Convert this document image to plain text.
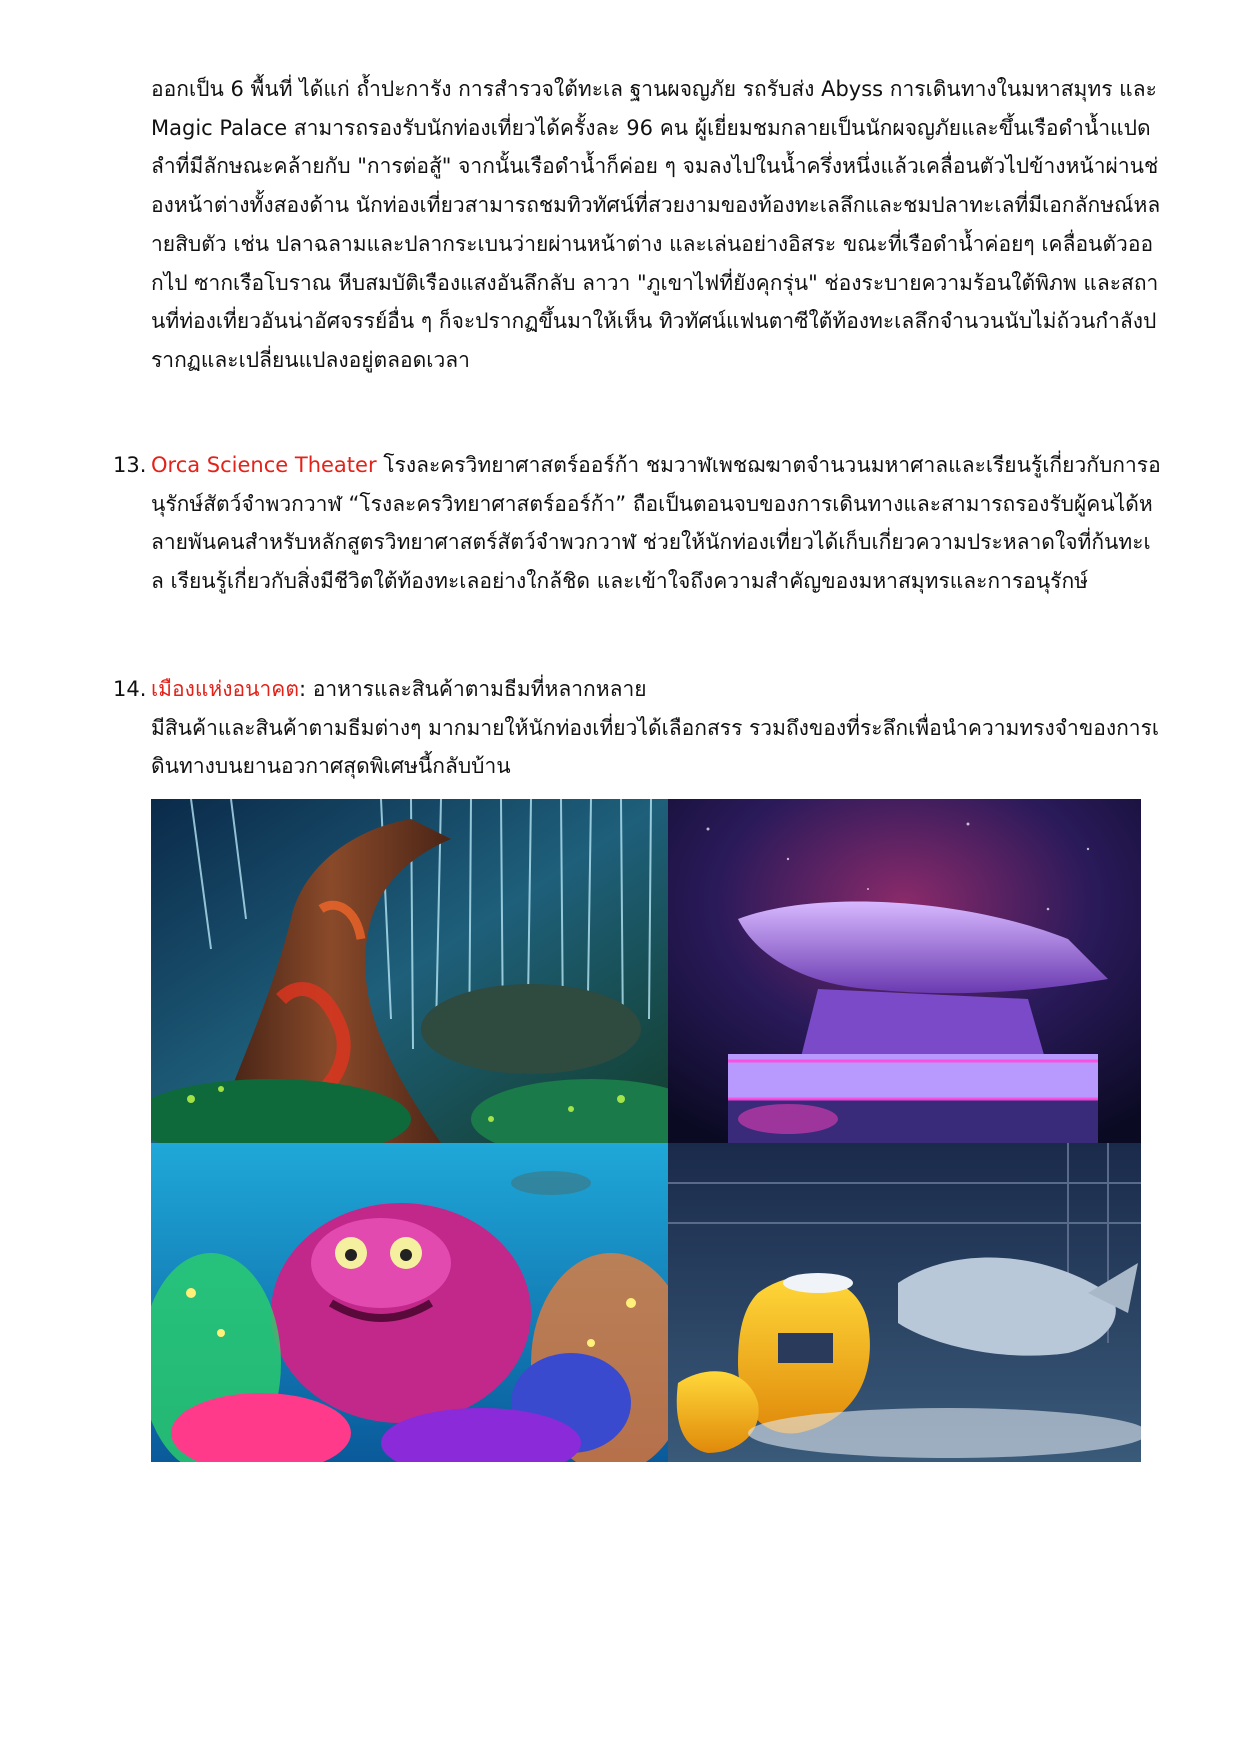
ออกเป็น 6 พื้นที่ ได้แก่ ถ้ำปะการัง การสำรวจใต้ทะเล ฐานผจญภัย รถรับส่ง Abyss การเดินทางในมหาสมุทร และ Magic Palace สามารถรองรับนักท่องเที่ยวได้ครั้งละ 96 คน ผู้เยี่ยมชมกลายเป็นนักผจญภัยและขึ้นเรือดำน้ำแปดลำที่มีลักษณะคล้ายกับ "การต่อสู้" จากนั้นเรือดำน้ำก็ค่อย ๆ จมลงไปในน้ำครึ่งหนึ่งแล้วเคลื่อนตัวไปข้างหน้าผ่านช่องหน้าต่างทั้งสองด้าน นักท่องเที่ยวสามารถชมทิวทัศน์ที่สวยงามของท้องทะเลลึกและชมปลาทะเลที่มีเอกลักษณ์หลายสิบตัว เช่น ปลาฉลามและปลากระเบนว่ายผ่านหน้าต่าง และเล่นอย่างอิสระ ขณะที่เรือดำน้ำค่อยๆ เคลื่อนตัวออกไป ซากเรือโบราณ หีบสมบัติเรืองแสงอันลึกลับ ลาวา "ภูเขาไฟที่ยังคุกรุ่น" ช่องระบายความร้อนใต้พิภพ และสถานที่ท่องเที่ยวอันน่าอัศจรรย์อื่น ๆ ก็จะปรากฏขึ้นมาให้เห็น ทิวทัศน์แฟนตาซีใต้ท้องทะเลลึกจำนวนนับไม่ถ้วนกำลังปรากฏและเปลี่ยนแปลงอยู่ตลอดเวลา
13. Orca Science Theater โรงละครวิทยาศาสตร์ออร์ก้า ชมวาฬเพชฌฆาตจำนวนมหาศาลและเรียนรู้เกี่ยวกับการอนุรักษ์สัตว์จำพวกวาฬ “โรงละครวิทยาศาสตร์ออร์ก้า” ถือเป็นตอนจบของการเดินทางและสามารถรองรับผู้คนได้หลายพันคนสำหรับหลักสูตรวิทยาศาสตร์สัตว์จำพวกวาฬ ช่วยให้นักท่องเที่ยวได้เก็บเกี่ยวความประหลาดใจที่ก้นทะเล เรียนรู้เกี่ยวกับสิ่งมีชีวิตใต้ท้องทะเลอย่างใกล้ชิด และเข้าใจถึงความสำคัญของมหาสมุทรและการอนุรักษ์
14. เมืองแห่งอนาคต: อาหารและสินค้าตามธีมที่หลากหลาย
มีสินค้าและสินค้าตามธีมต่างๆ มากมายให้นักท่องเที่ยวได้เลือกสรร รวมถึงของที่ระลึกเพื่อนำความทรงจำของการเดินทางบนยานอวกาศสุดพิเศษนี้กลับบ้าน
